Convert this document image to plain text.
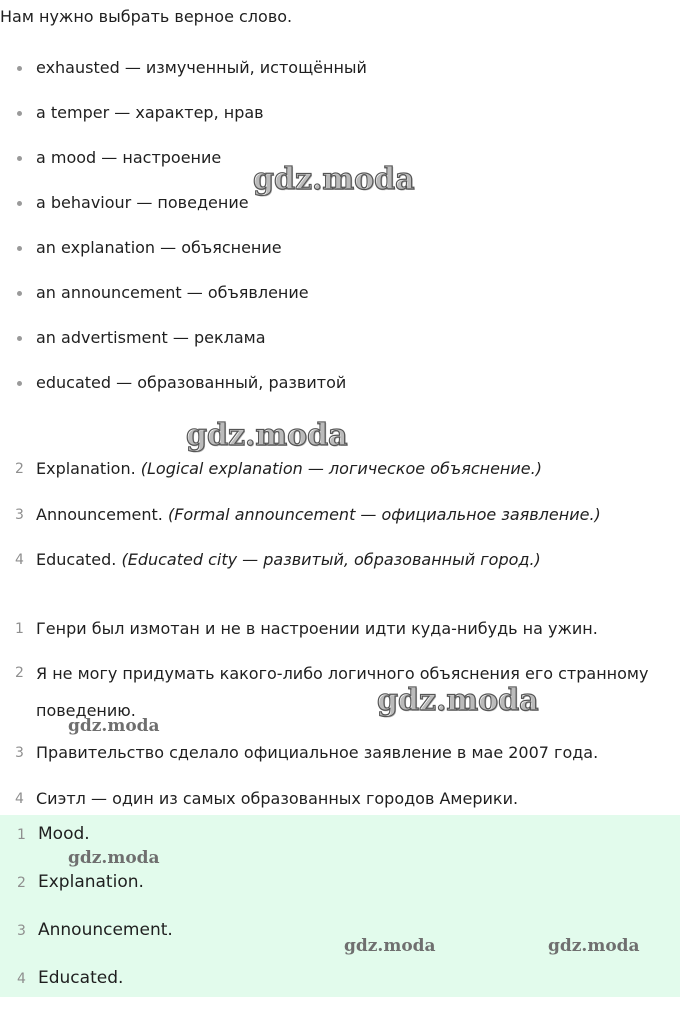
Нам нужно выбрать верное слово.
exhausted — измученный, истощённый
a temper — характер, нрав
a mood — настроение
a behaviour — поведение
an explanation — объяснение
an announcement — объявление
an advertisment — реклама
educated — образованный, развитой
2 Explanation. (Logical explanation — логическое объяснение.)
3 Announcement. (Formal announcement — официальное заявление.)
4 Educated. (Educated city — развитый, образованный город.)
1 Генри был измотан и не в настроении идти куда-нибудь на ужин.
2 Я не могу придумать какого-либо логичного объяснения его странному поведению.
3 Правительство сделало официальное заявление в мае 2007 года.
4 Сиэтл — один из самых образованных городов Америки.
1 Mood.
2 Explanation.
3 Announcement.
4 Educated.
gdz.moda
gdz.moda
gdz.moda
gdz.moda
gdz.moda
gdz.moda	gdz.moda
